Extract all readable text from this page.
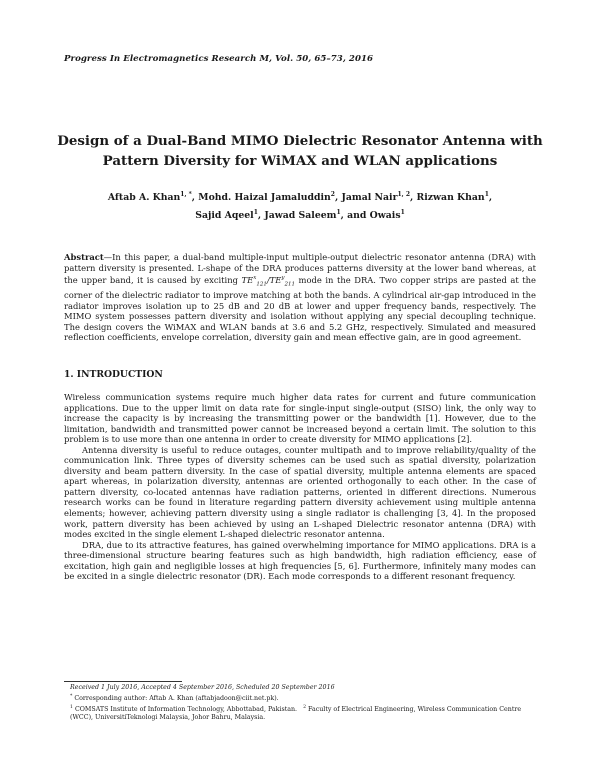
Progress In Electromagnetics Research M, Vol. 50, 65–73, 2016
Design of a Dual-Band MIMO Dielectric Resonator Antenna with
Pattern Diversity for WiMAX and WLAN applications
Aftab A. Khan$^{1, *}$, Mohd. Haizal Jamaluddin$^2$, Jamal Nair$^{1, 2}$, Rizwan Khan$^1$,
Sajid Aqeel$^1$, Jawad Saleem$^1$, and Owais$^1$
Abstract—In this paper, a dual-band multiple-input multiple-output dielectric resonator antenna (DRA) with pattern diversity is presented. L-shape of the DRA produces patterns diversity at the lower band whereas, at the upper band, it is caused by exciting $TE^x_{121}/TE^y_{211}$ mode in the DRA. Two copper strips are pasted at the corner of the dielectric radiator to improve matching at both the bands. A cylindrical air-gap introduced in the radiator improves isolation up to 25 dB and 20 dB at lower and upper frequency bands, respectively. The MIMO system possesses pattern diversity and isolation without applying any special decoupling technique. The design covers the WiMAX and WLAN bands at 3.6 and 5.2 GHz, respectively. Simulated and measured reflection coefficients, envelope correlation, diversity gain and mean effective gain, are in good agreement.
1. INTRODUCTION

Wireless communication systems require much higher data rates for current and future communication applications. Due to the upper limit on data rate for single-input single-output (SISO) link, the only way to increase the capacity is by increasing the transmitting power or the bandwidth [1]. However, due to the limitation, bandwidth and transmitted power cannot be increased beyond a certain limit. The solution to this problem is to use more than one antenna in order to create diversity for MIMO applications [2].

Antenna diversity is useful to reduce outages, counter multipath and to improve reliability/quality of the communication link. Three types of diversity schemes can be used such as spatial diversity, polarization diversity and beam pattern diversity. In the case of spatial diversity, multiple antenna elements are spaced apart whereas, in polarization diversity, antennas are oriented orthogonally to each other. In the case of pattern diversity, co-located antennas have radiation patterns, oriented in different directions. Numerous research works can be found in literature regarding pattern diversity achievement using multiple antenna elements; however, achieving pattern diversity using a single radiator is challenging [3, 4]. In the proposed work, pattern diversity has been achieved by using an L-shaped Dielectric resonator antenna (DRA) with modes excited in the single element L-shaped dielectric resonator antenna.

DRA, due to its attractive features, has gained overwhelming importance for MIMO applications. DRA is a three-dimensional structure bearing features such as high bandwidth, high radiation efficiency, ease of excitation, high gain and negligible losses at high frequencies [5, 6]. Furthermore, infinitely many modes can be excited in a single dielectric resonator (DR). Each mode corresponds to a different resonant frequency.

Received 1 July 2016, Accepted 4 September 2016, Scheduled 20 September 2016
* Corresponding author: Aftab A. Khan (aftabjadoon@ciit.net.pk).
$^1$ COMSATS Institute of Information Technology, Abbottabad, Pakistan. $^2$ Faculty of Electrical Engineering, Wireless Communication Centre (WCC), UniversitiTeknologi Malaysia, Johor Bahru, Malaysia.
